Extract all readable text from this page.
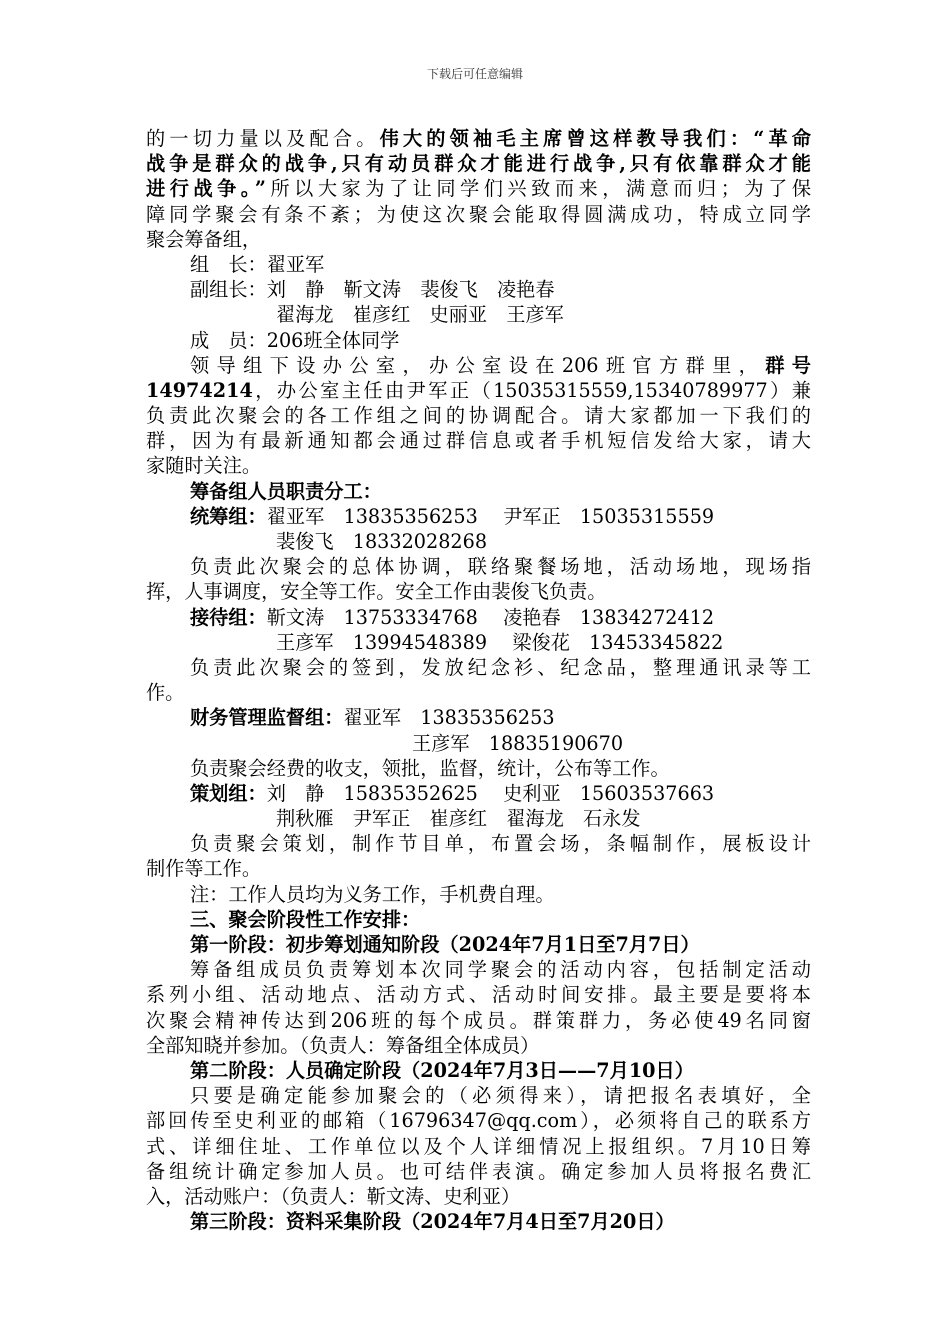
下载后可任意编辑
的一切力量以及配合。伟大的领袖毛主席曾这样教导我们：“革命
战争是群众的战争,只有动员群众才能进行战争,只有依靠群众才能
进行战争。”所以大家为了让同学们兴致而来，满意而归；为了保
障同学聚会有条不紊；为使这次聚会能取得圆满成功，特成立同学
聚会筹备组，
组　长：翟亚军
副组长：刘　静　靳文涛　裴俊飞　凌艳春
翟海龙　崔彦红　史丽亚　王彦军
成　员：206班全体同学
领导组下设办公室，办公室设在206班官方群里，群号
14974214，办公室主任由尹军正（15035315559,15340789977）兼
负责此次聚会的各工作组之间的协调配合。请大家都加一下我们的
群，因为有最新通知都会通过群信息或者手机短信发给大家，请大
家随时关注。
筹备组人员职责分工：
统筹组：翟亚军　13835356253　 尹军正　15035315559
裴俊飞　18332028268
负责此次聚会的总体协调，联络聚餐场地，活动场地，现场指
挥，人事调度，安全等工作。安全工作由裴俊飞负责。
接待组：靳文涛　13753334768　 凌艳春　13834272412
王彦军　13994548389　 梁俊花　13453345822
负责此次聚会的签到，发放纪念衫、纪念品，整理通讯录等工
作。
财务管理监督组：翟亚军　13835356253
王彦军　18835190670
负责聚会经费的收支，领批，监督，统计，公布等工作。
策划组：刘　静　15835352625　 史利亚　15603537663
荆秋雁　尹军正　崔彦红　翟海龙　石永发
负责聚会策划，制作节目单，布置会场，条幅制作，展板设计
制作等工作。
注：工作人员均为义务工作，手机费自理。
三、聚会阶段性工作安排：
第一阶段：初步筹划通知阶段（2024年7月1日至7月7日）
筹备组成员负责筹划本次同学聚会的活动内容，包括制定活动
系列小组、活动地点、活动方式、活动时间安排。最主要是要将本
次聚会精神传达到206班的每个成员。群策群力，务必使49名同窗
全部知晓并参加。（负责人：筹备组全体成员）
第二阶段：人员确定阶段（2024年7月3日——7月10日）
只要是确定能参加聚会的（必须得来），请把报名表填好，全
部回传至史利亚的邮箱（16796347@qq.com），必须将自己的联系方
式、详细住址、工作单位以及个人详细情况上报组织。7月10日筹
备组统计确定参加人员。也可结伴表演。确定参加人员将报名费汇
入，活动账户：（负责人：靳文涛、史利亚）
第三阶段：资料采集阶段（2024年7月4日至7月20日）
